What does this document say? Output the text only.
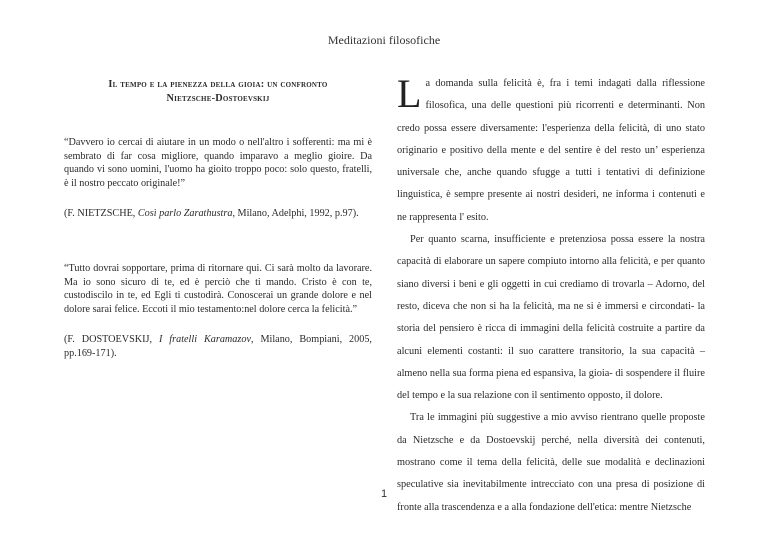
Meditazioni filosofiche
Il tempo e la pienezza della gioia: un confronto
Nietzsche-Dostoevskij

“Davvero io cercai di aiutare in un modo o nell'altro i sofferenti: ma mi è sembrato di far cosa migliore, quando imparavo a meglio gioire. Da quando vi sono uomini, l'uomo ha gioito troppo poco: solo questo, fratelli, è il nostro peccato originale!”

(F. NIETZSCHE, Così parlo Zarathustra, Milano, Adelphi, 1992, p.97).

“Tutto dovrai sopportare, prima di ritornare qui. Ci sarà molto da lavorare. Ma io sono sicuro di te, ed è perciò che ti mando. Cristo è con te, custodiscilo in te, ed Egli ti custodirà. Conoscerai un grande dolore e nel dolore sarai felice. Eccoti il mio testamento:nel dolore cerca la felicità.”

(F. DOSTOEVSKIJ, I fratelli Karamazov, Milano, Bompiani, 2005, pp.169-171).

La domanda sulla felicità è, fra i temi indagati dalla riflessione filosofica, una delle questioni più ricorrenti e determinanti. Non credo possa essere diversamente: l'esperienza della felicità, di uno stato originario e positivo della mente e del sentire è del resto un’ esperienza universale che, anche quando sfugge a tutti i tentativi di definizione linguistica, è sempre presente ai nostri desideri, ne informa i contenuti e ne rappresenta l' esito.

Per quanto scarna, insufficiente e pretenziosa possa essere la nostra capacità di elaborare un sapere compiuto intorno alla felicità, e per quanto siano diversi i beni e gli oggetti in cui crediamo di trovarla – Adorno, del resto, diceva che non si ha la felicità, ma ne si è immersi e circondati- la storia del pensiero è ricca di immagini della felicità costruite a partire da alcuni elementi costanti: il suo carattere transitorio, la sua capacità – almeno nella sua forma piena ed espansiva, la gioia- di sospendere il fluire del tempo e la sua relazione con il sentimento opposto, il dolore.

Tra le immagini più suggestive a mio avviso rientrano quelle proposte da Nietzsche e da Dostoevskij perché, nella diversità dei contenuti, mostrano come il tema della felicità, delle sue modalità e declinazioni speculative sia inevitabilmente intrecciato con una presa di posizione di fronte alla trascendenza e a alla fondazione dell'etica: mentre Nietzsche

1
